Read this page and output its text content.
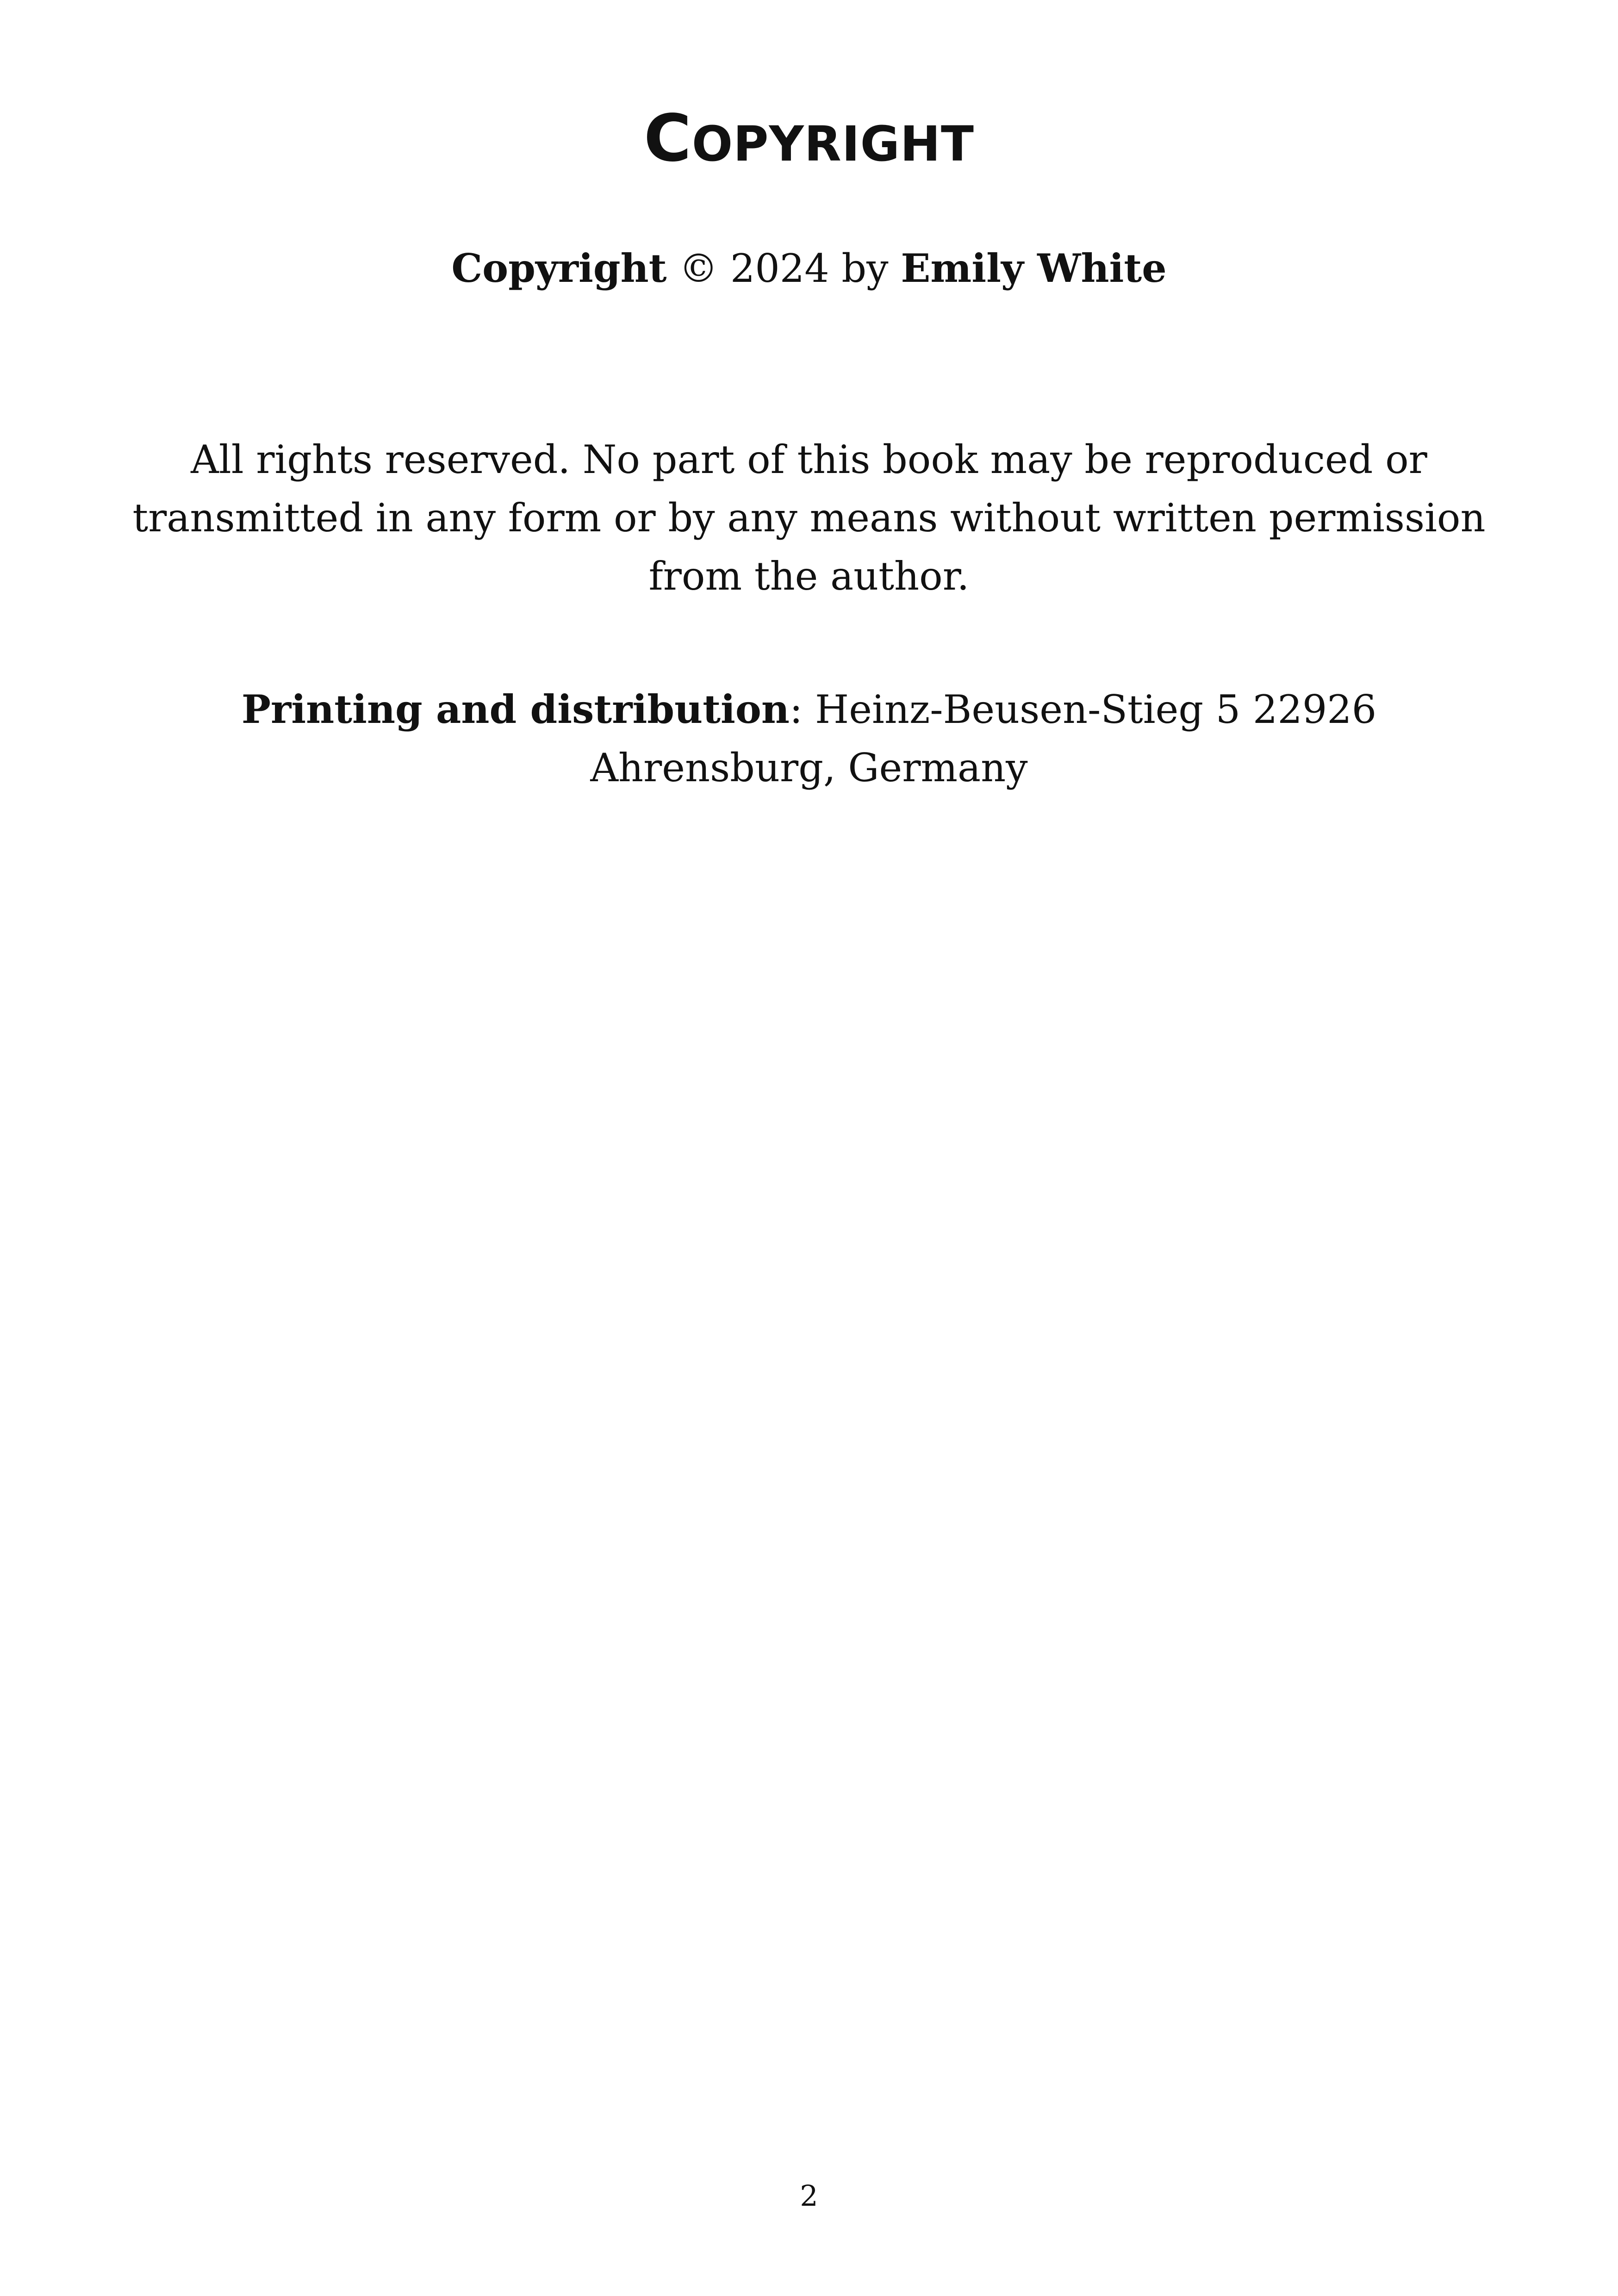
COPYRIGHT

Copyright © 2024 by Emily White

All rights reserved. No part of this book may be reproduced or transmitted in any form or by any means without written permission from the author.

Printing and distribution: Heinz-Beusen-Stieg 5 22926 Ahrensburg, Germany

2
